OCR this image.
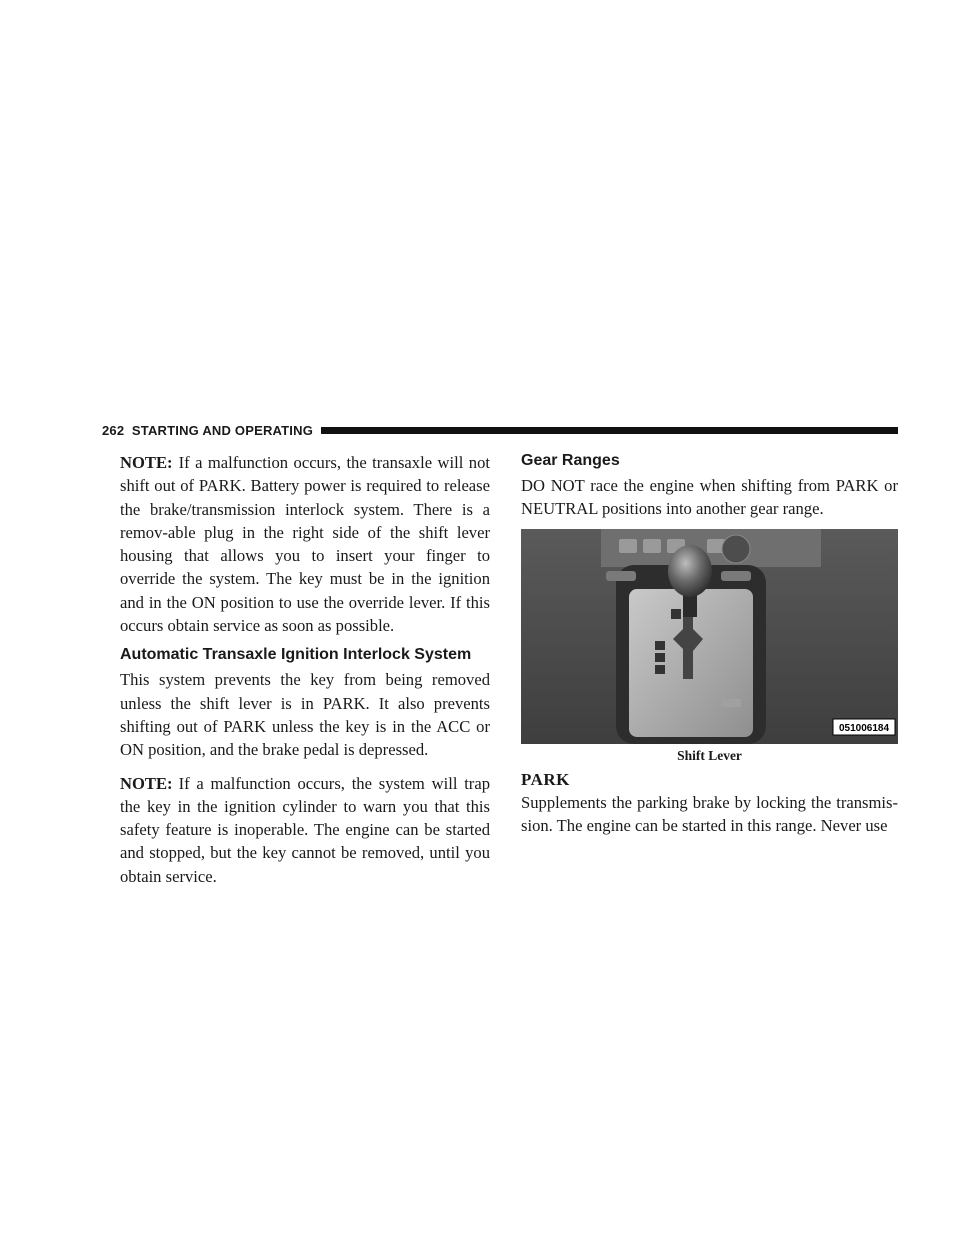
262 STARTING AND OPERATING

NOTE: If a malfunction occurs, the transaxle will not shift out of PARK. Battery power is required to release the brake/transmission interlock system. There is a remov-able plug in the right side of the shift lever housing that allows you to insert your finger to override the system. The key must be in the ignition and in the ON position to use the override lever. If this occurs obtain service as soon as possible.

Automatic Transaxle Ignition Interlock System

This system prevents the key from being removed unless the shift lever is in PARK. It also prevents shifting out of PARK unless the key is in the ACC or ON position, and the brake pedal is depressed.

NOTE: If a malfunction occurs, the system will trap the key in the ignition cylinder to warn you that this safety feature is inoperable. The engine can be started and stopped, but the key cannot be removed, until you obtain service.

Gear Ranges

DO NOT race the engine when shifting from PARK or NEUTRAL positions into another gear range.

051006184
Shift Lever
PARK

Supplements the parking brake by locking the transmis-sion. The engine can be started in this range. Never use
